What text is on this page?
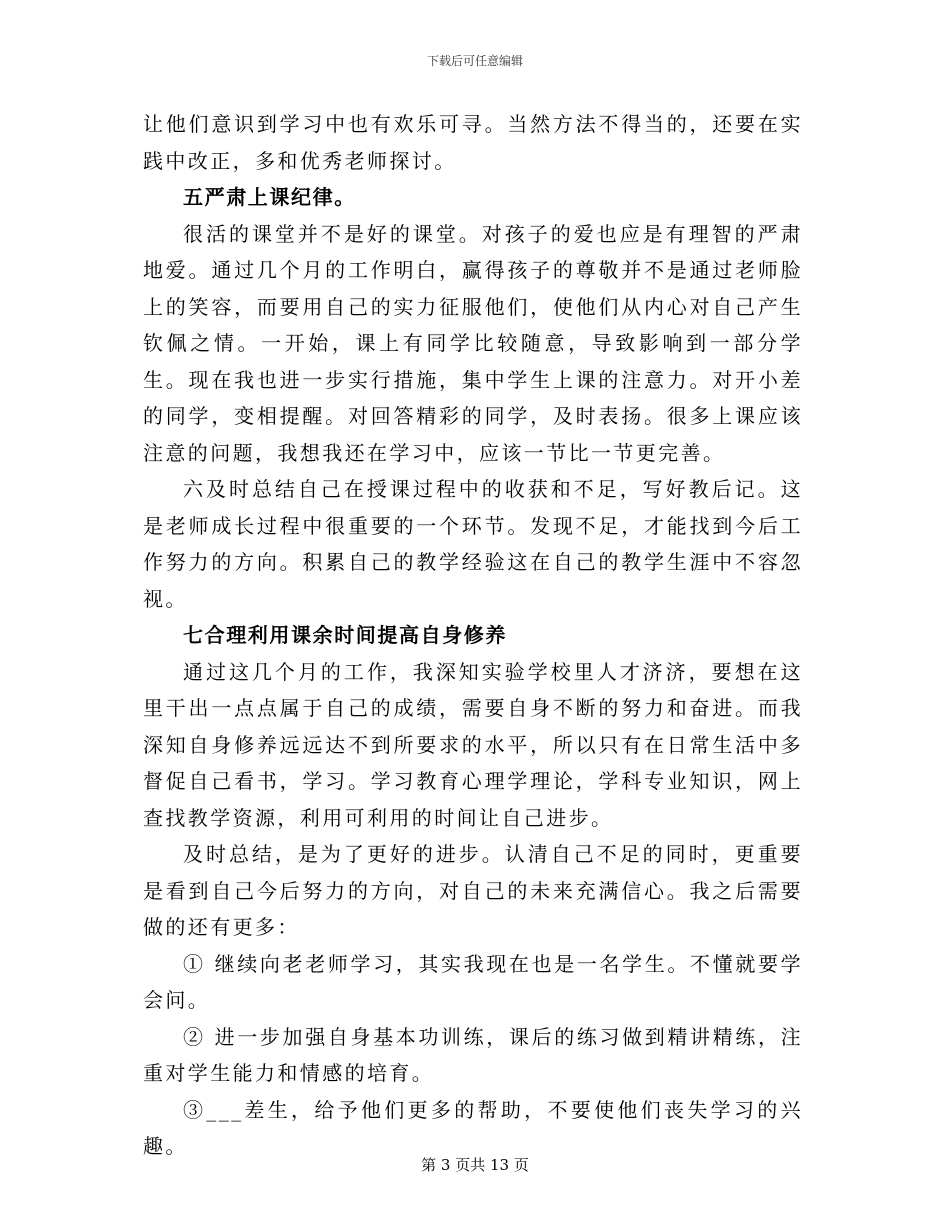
下载后可任意编辑

让他们意识到学习中也有欢乐可寻。当然方法不得当的，还要在实践中改正，多和优秀老师探讨。

五严肃上课纪律。

很活的课堂并不是好的课堂。对孩子的爱也应是有理智的严肃地爱。通过几个月的工作明白，赢得孩子的尊敬并不是通过老师脸上的笑容，而要用自己的实力征服他们，使他们从内心对自己产生钦佩之情。一开始，课上有同学比较随意，导致影响到一部分学生。现在我也进一步实行措施，集中学生上课的注意力。对开小差的同学，变相提醒。对回答精彩的同学，及时表扬。很多上课应该注意的问题，我想我还在学习中，应该一节比一节更完善。

六及时总结自己在授课过程中的收获和不足，写好教后记。这是老师成长过程中很重要的一个环节。发现不足，才能找到今后工作努力的方向。积累自己的教学经验这在自己的教学生涯中不容忽视。

七合理利用课余时间提高自身修养

通过这几个月的工作，我深知实验学校里人才济济，要想在这里干出一点点属于自己的成绩，需要自身不断的努力和奋进。而我深知自身修养远远达不到所要求的水平，所以只有在日常生活中多督促自己看书，学习。学习教育心理学理论，学科专业知识，网上查找教学资源，利用可利用的时间让自己进步。

及时总结，是为了更好的进步。认清自己不足的同时，更重要是看到自己今后努力的方向，对自己的未来充满信心。我之后需要做的还有更多：

① 继续向老老师学习，其实我现在也是一名学生。不懂就要学会问。

② 进一步加强自身基本功训练，课后的练习做到精讲精练，注重对学生能力和情感的培育。

③___差生，给予他们更多的帮助，不要使他们丧失学习的兴趣。

第 3 页共 13 页
